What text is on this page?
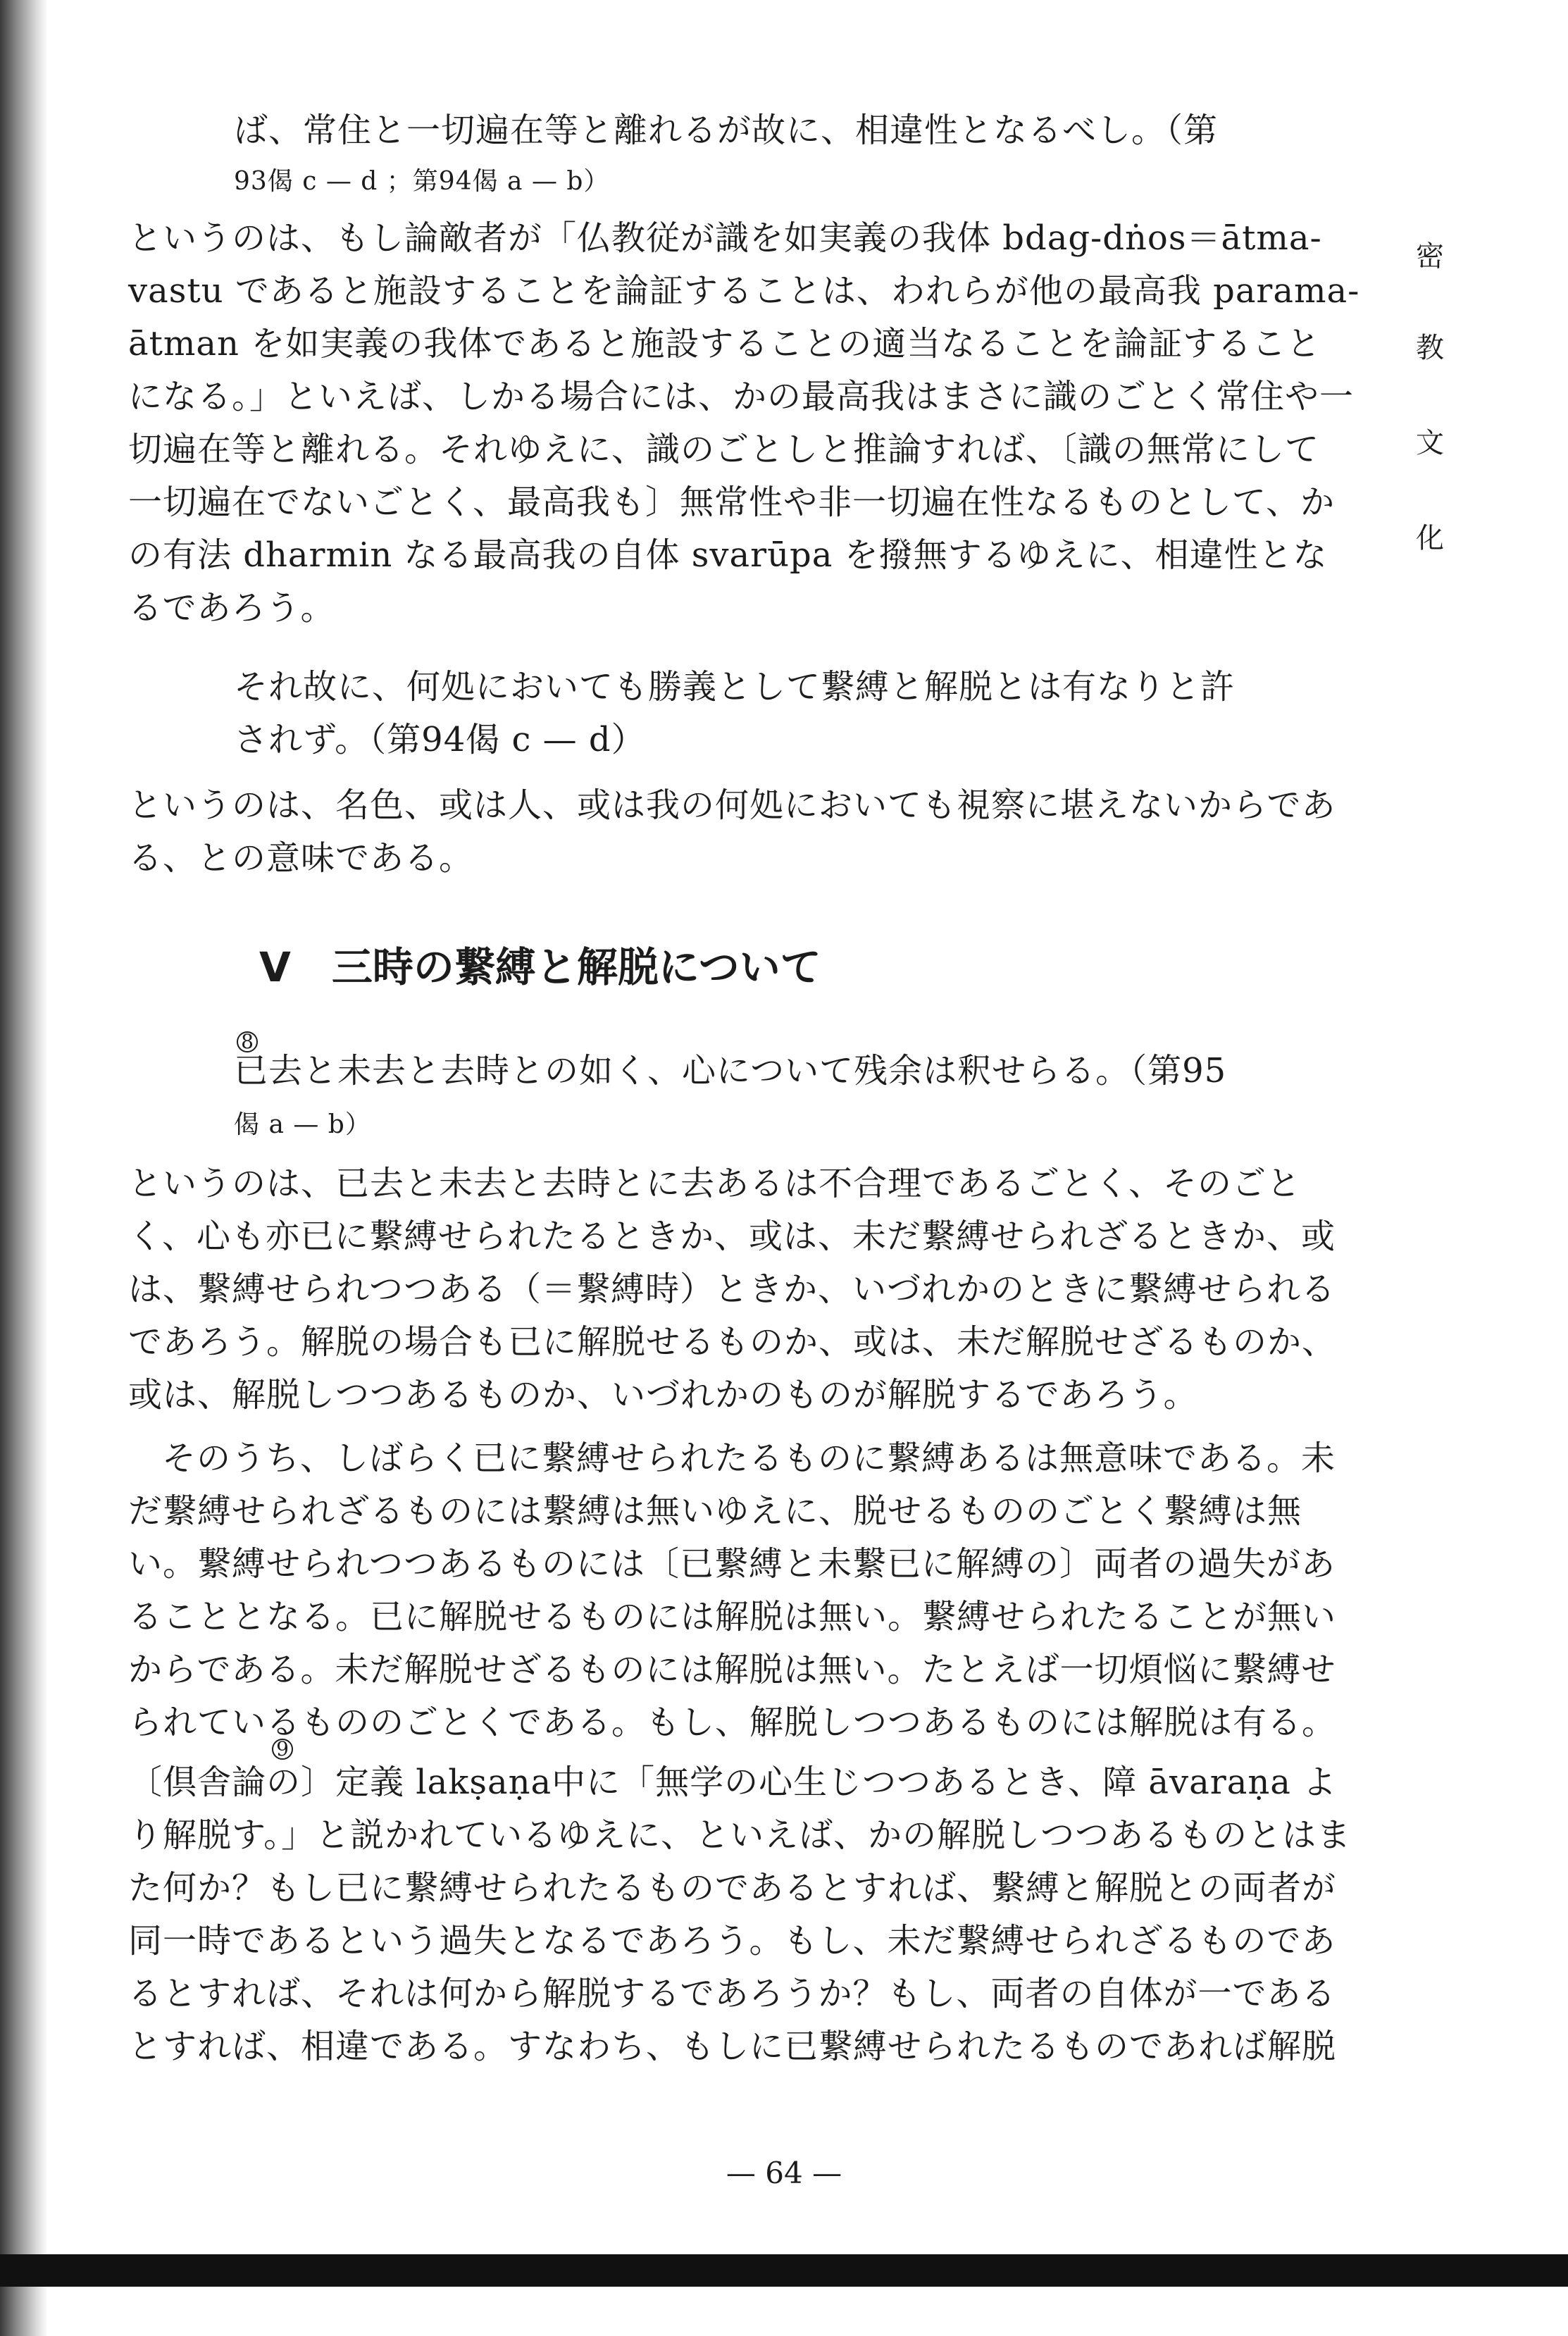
密
教
文
化

ば、常住と一切遍在等と離れるが故に、相違性となるべし。（第

93偈 c — d ；第94偈 a — b）

というのは、もし論敵者が「仏教従が識を如実義の我体 bdag-dṅos＝ātma-

vastu であると施設することを論証することは、われらが他の最高我 parama-

ātman を如実義の我体であると施設することの適当なることを論証すること

になる。」といえば、しかる場合には、かの最高我はまさに識のごとく常住や一

切遍在等と離れる。それゆえに、識のごとしと推論すれば、〔識の無常にして

一切遍在でないごとく、最高我も〕無常性や非一切遍在性なるものとして、か

の有法 dharmin なる最高我の自体 svarūpa を撥無するゆえに、相違性とな

るであろう。

それ故に、何処においても勝義として繋縛と解脱とは有なりと許

されず。（第94偈 c — d）

というのは、名色、或は人、或は我の何処においても視察に堪えないからであ

る、との意味である。

V　三時の繋縛と解脱について
8

已去と未去と去時との如く、心について残余は釈せらる。（第95

偈 a — b）

というのは、已去と未去と去時とに去あるは不合理であるごとく、そのごと

く、心も亦已に繋縛せられたるときか、或は、未だ繋縛せられざるときか、或

は、繋縛せられつつある（＝繋縛時）ときか、いづれかのときに繋縛せられる

であろう。解脱の場合も已に解脱せるものか、或は、未だ解脱せざるものか、

或は、解脱しつつあるものか、いづれかのものが解脱するであろう。

そのうち、しばらく已に繋縛せられたるものに繋縛あるは無意味である。未

だ繋縛せられざるものには繋縛は無いゆえに、脱せるもののごとく繋縛は無

い。繋縛せられつつあるものには〔已繋縛と未繋已に解縛の〕両者の過失があ

ることとなる。已に解脱せるものには解脱は無い。繋縛せられたることが無い

からである。未だ解脱せざるものには解脱は無い。たとえば一切煩悩に繋縛せ

られているもののごとくである。もし、解脱しつつあるものには解脱は有る。

9

〔倶舎論の〕定義 lakṣaṇa中に「無学の心生じつつあるとき、障 āvaraṇa よ

り解脱す。」と説かれているゆえに、といえば、かの解脱しつつあるものとはま

た何か？もし已に繋縛せられたるものであるとすれば、繋縛と解脱との両者が

同一時であるという過失となるであろう。もし、未だ繋縛せられざるものであ

るとすれば、それは何から解脱するであろうか？もし、両者の自体が一である

とすれば、相違である。すなわち、もしに已繋縛せられたるものであれば解脱

— 64 —
